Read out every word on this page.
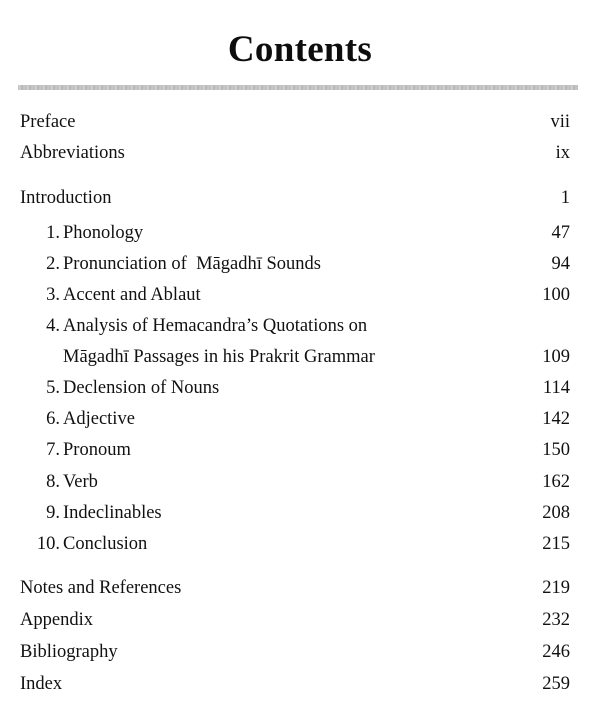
Contents
Preface	vii
Abbreviations	ix
Introduction	1
1. Phonology	47
2. Pronunciation of  Māgadhī Sounds	94
3. Accent and Ablaut	100
4. Analysis of Hemacandra’s Quotations on
Māgadhī Passages in his Prakrit Grammar	109
5. Declension of Nouns	114
6. Adjective	142
7. Pronoum	150
8. Verb	162
9. Indeclinables	208
10. Conclusion	215
Notes and References	219
Appendix	232
Bibliography	246
Index	259
